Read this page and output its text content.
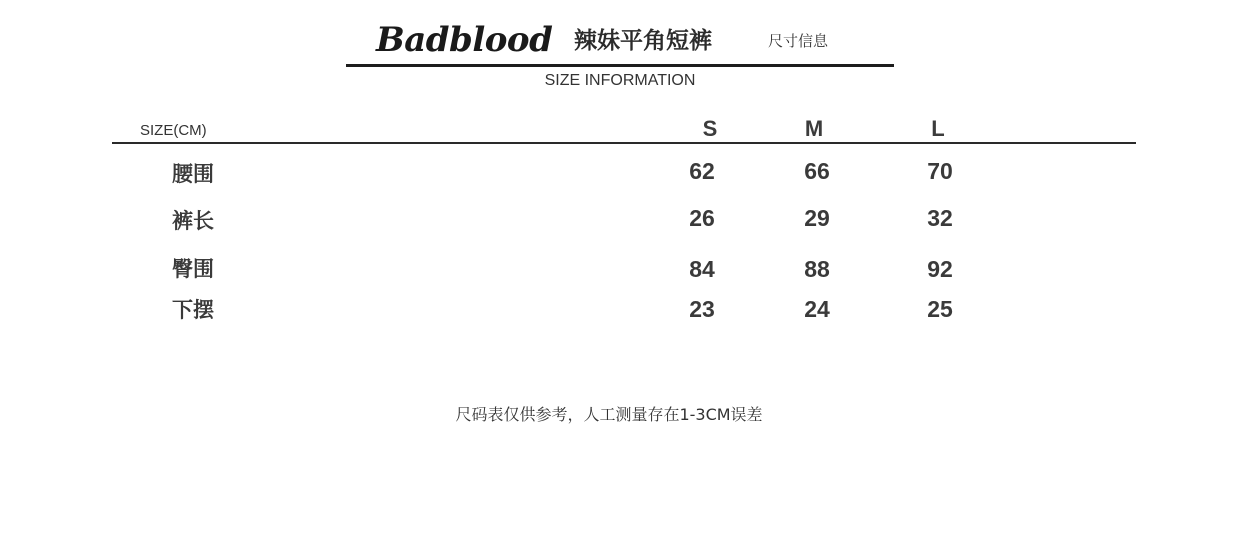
Badblood 辣妹平角短裤	尺寸信息
SIZE INFORMATION
SIZE(CM)	S	M	L
腰围	62	66	70
裤长	26	29	32
臀围	84	88	92
下摆	23	24	25
尺码表仅供参考，人工测量存在1-3CM误差
